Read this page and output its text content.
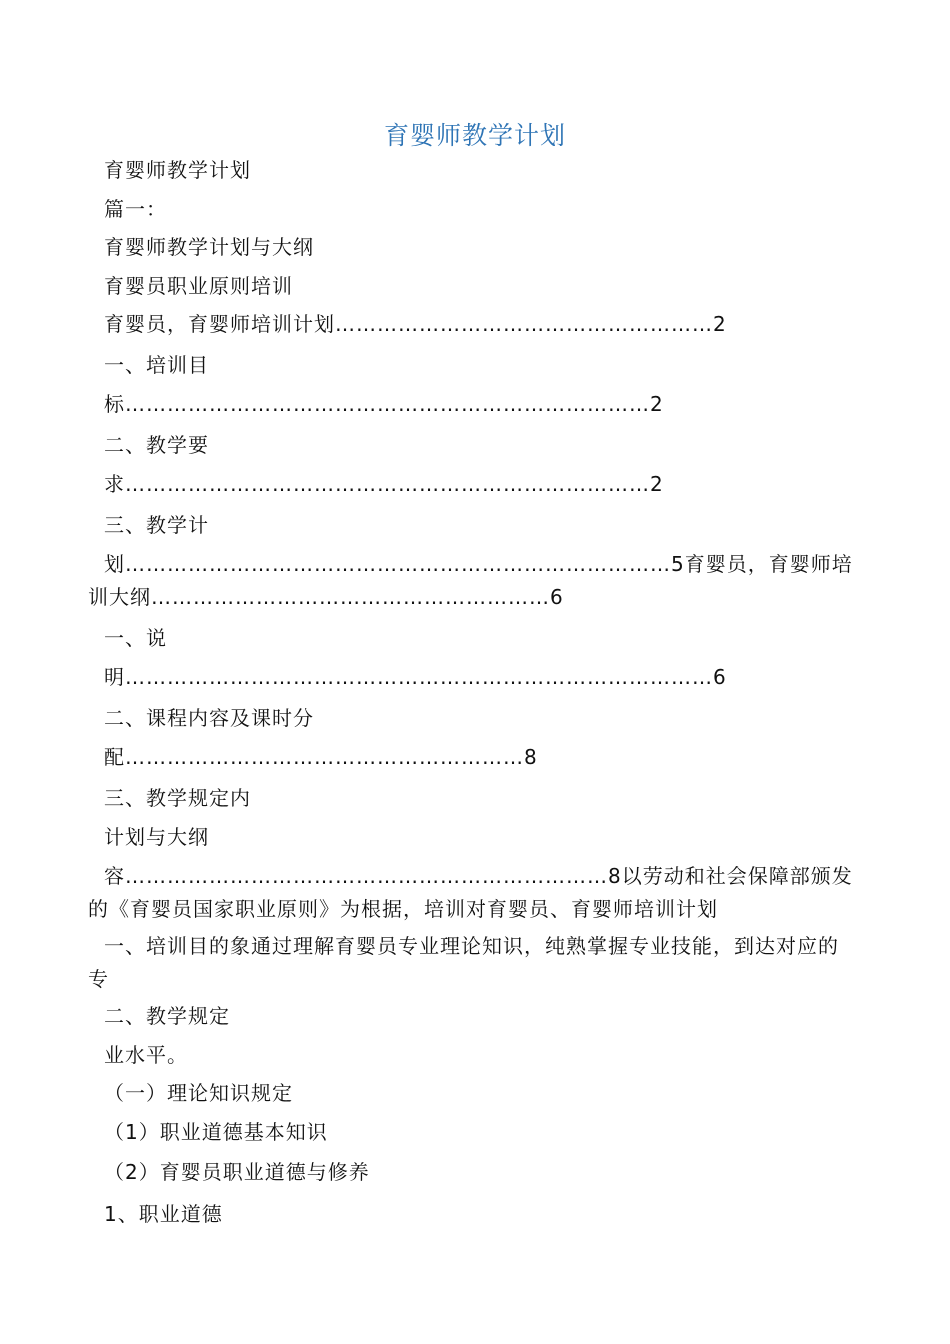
育婴师教学计划
育婴师教学计划
篇一：
育婴师教学计划与大纲
育婴员职业原则培训
育婴员，育婴师培训计划………………………………………………2
一、培训目
标…………………………………………………………………2
二、教学要
求…………………………………………………………………2
三、教学计
划……………………………………………………………………5育婴员，育婴师培训大纲…………………………………………………6
一、说
明…………………………………………………………………………6
二、课程内容及课时分
配…………………………………………………8
三、教学规定内
计划与大纲
容……………………………………………………………8以劳动和社会保障部颁发的《育婴员国家职业原则》为根据，培训对育婴员、育婴师培训计划
一、培训目的象通过理解育婴员专业理论知识，纯熟掌握专业技能，到达对应的专
二、教学规定
业水平。
（一）理论知识规定
（1）职业道德基本知识
（2）育婴员职业道德与修养
1、职业道德
